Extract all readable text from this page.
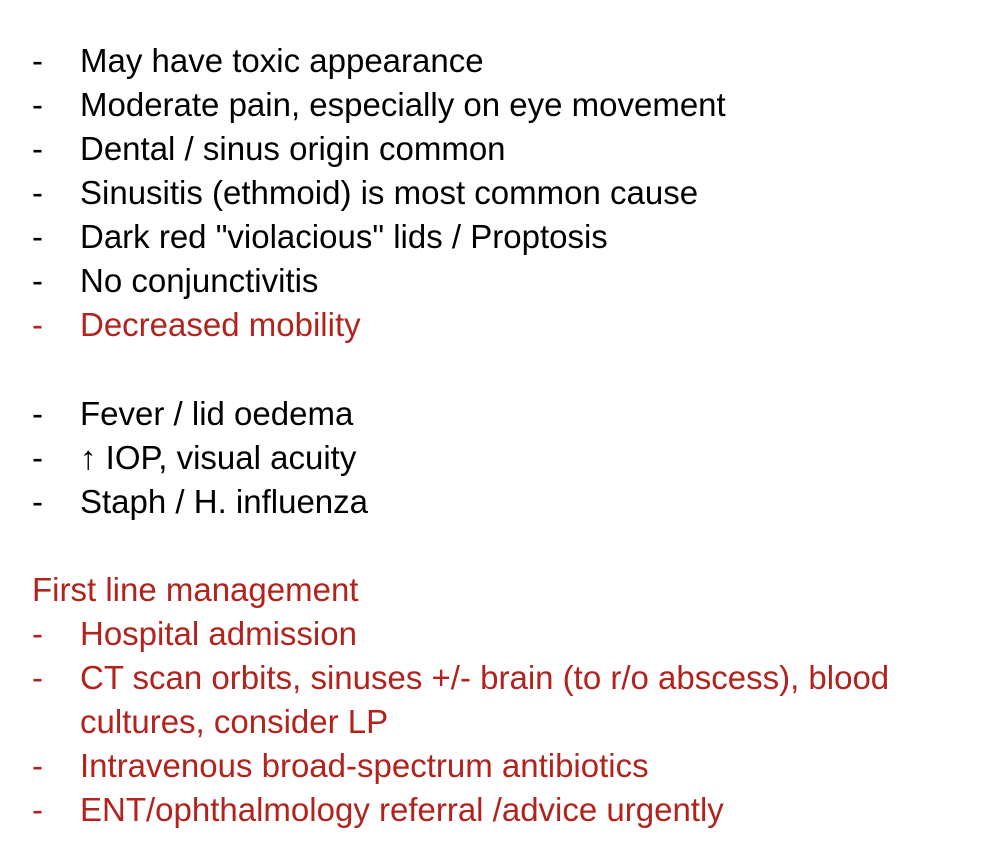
- May have toxic appearance
- Moderate pain, especially on eye movement
- Dental / sinus origin common
- Sinusitis (ethmoid) is most common cause
- Dark red "violacious" lids / Proptosis
- No conjunctivitis
- Decreased mobility
- Fever / lid oedema
- ↑ IOP, visual acuity
- Staph / H. influenza
First line management
- Hospital admission
- CT scan orbits, sinuses +/- brain (to r/o abscess), blood cultures, consider LP
- Intravenous broad-spectrum antibiotics
- ENT/ophthalmology referral /advice urgently
